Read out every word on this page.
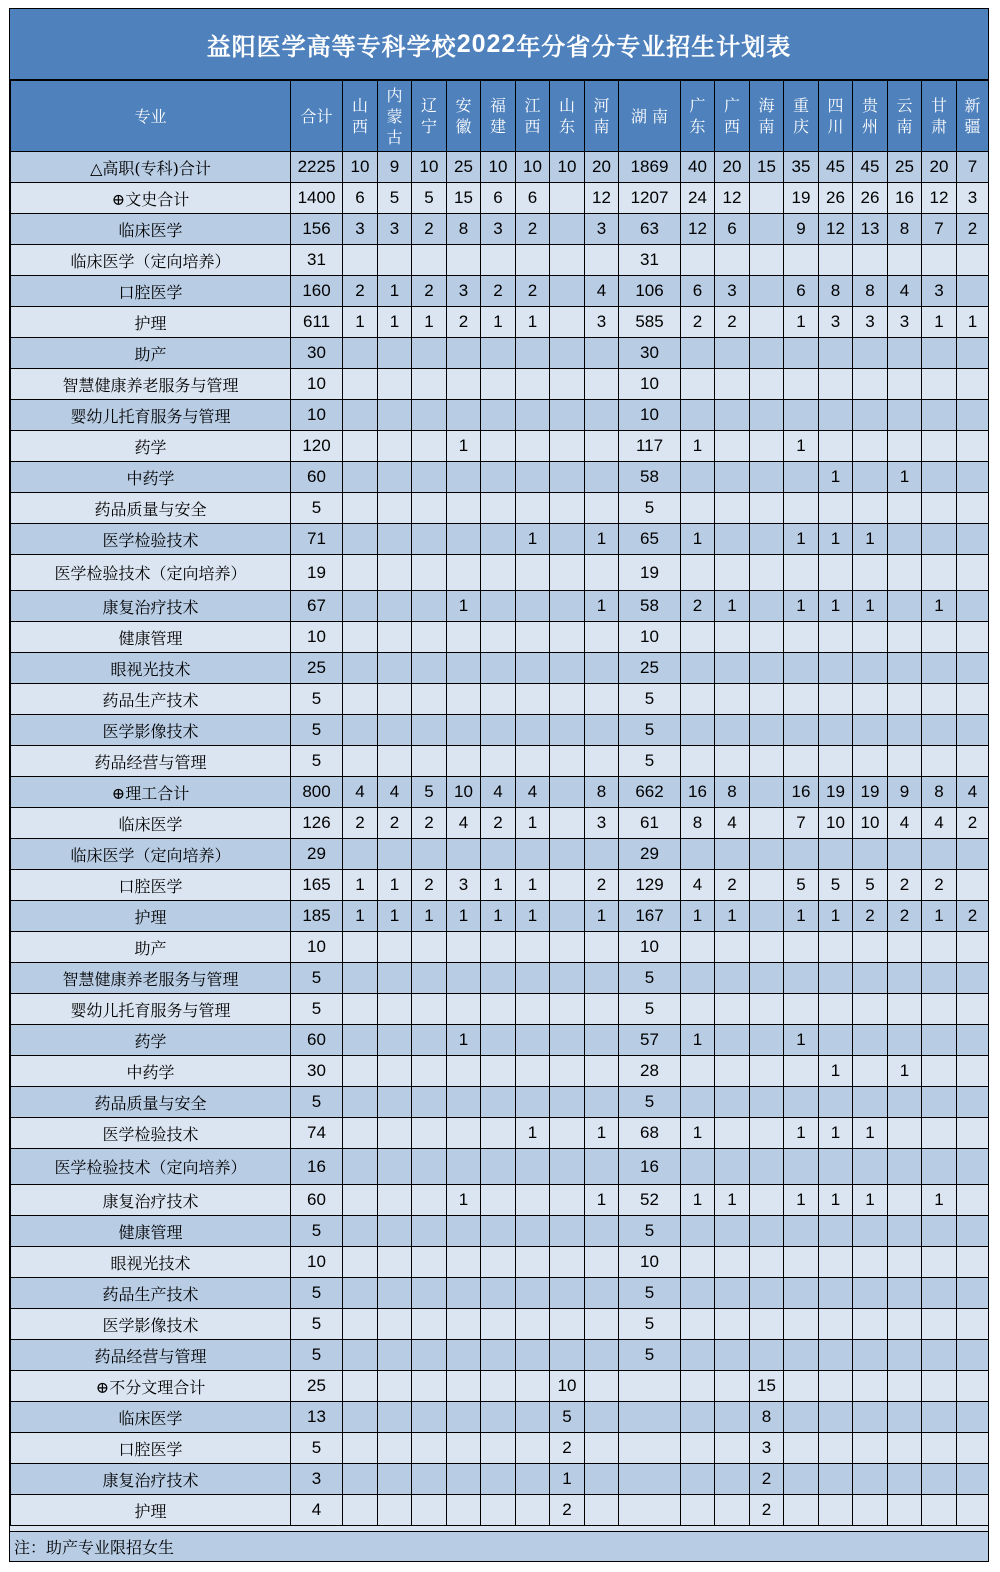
益阳医学高等专科学校 2022 年分省分专业招生计划表
专业	合计	山西	内蒙古	辽宁	安徽	福建	江西	山东	河南	湖 南	广东	广西	海南	重庆	四川	贵州	云南	甘肃	新疆

△高职(专科)合计	2225	10	9	10	25	10	10	10	20	1869	40	20	15	35	45	45	25	20	7
⊕文史合计	1400	6	5	5	15	6	6		12	1207	24	12		19	26	26	16	12	3
临床医学	156	3	3	2	8	3	2		3	63	12	6		9	12	13	8	7	2
临床医学（定向培养）	31									31									
口腔医学	160	2	1	2	3	2	2		4	106	6	3		6	8	8	4	3	
护理	611	1	1	1	2	1	1		3	585	2	2		1	3	3	3	1	1
助产	30									30									
智慧健康养老服务与管理	10									10									
婴幼儿托育服务与管理	10									10									
药学	120				1					117	1			1					
中药学	60									58					1		1		
药品质量与安全	5									5									
医学检验技术	71						1		1	65	1			1	1	1			
医学检验技术（定向培养）	19									19									
康复治疗技术	67				1				1	58	2	1		1	1	1		1	
健康管理	10									10									
眼视光技术	25									25									
药品生产技术	5									5									
医学影像技术	5									5									
药品经营与管理	5									5									
⊕理工合计	800	4	4	5	10	4	4		8	662	16	8		16	19	19	9	8	4
临床医学	126	2	2	2	4	2	1		3	61	8	4		7	10	10	4	4	2
临床医学（定向培养）	29									29									
口腔医学	165	1	1	2	3	1	1		2	129	4	2		5	5	5	2	2	
护理	185	1	1	1	1	1	1		1	167	1	1		1	1	2	2	1	2
助产	10									10									
智慧健康养老服务与管理	5									5									
婴幼儿托育服务与管理	5									5									
药学	60				1					57	1			1					
中药学	30									28					1		1		
药品质量与安全	5									5									
医学检验技术	74						1		1	68	1			1	1	1			
医学检验技术（定向培养）	16									16									
康复治疗技术	60				1				1	52	1	1		1	1	1		1	
健康管理	5									5									
眼视光技术	10									10									
药品生产技术	5									5									
医学影像技术	5									5									
药品经营与管理	5									5									
⊕不分文理合计	25							10					15						
临床医学	13							5					8						
口腔医学	5							2					3						
康复治疗技术	3							1					2						
护理	4							2					2						
注：助产专业限招女生
